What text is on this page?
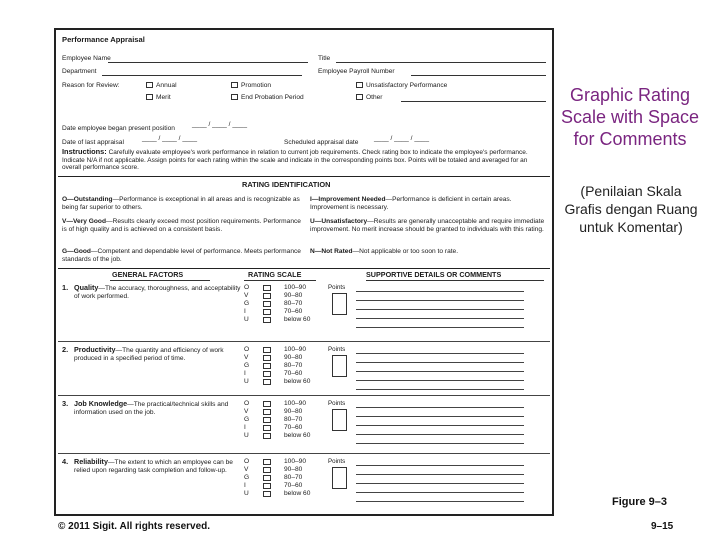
Performance Appraisal
Employee Name	Title
Department	Employee Payroll Number
Reason for Review:	Annual	Promotion	Unsatisfactory Performance
Merit	End Probation Period	Other
Date employee began present position
____ / ____ / ____
Date of last appraisal
____ / ____ / ____
Scheduled appraisal date
____ / ____ / ____
Instructions: Carefully evaluate employee's work performance in relation to current job requirements. Check rating box to indicate the employee's performance. Indicate N/A if not applicable. Assign points for each rating within the scale and indicate in the corresponding points box. Points will be totaled and averaged for an overall performance score.
RATING IDENTIFICATION
O—Outstanding—Performance is exceptional in all areas and is recognizable as being far superior to others.
V—Very Good—Results clearly exceed most position requirements. Performance is of high quality and is achieved on a consistent basis.
G—Good—Competent and dependable level of performance. Meets performance standards of the job.
I—Improvement Needed—Performance is deficient in certain areas. Improvement is necessary.
U—Unsatisfactory—Results are generally unacceptable and require immediate improvement. No merit increase should be granted to individuals with this rating.
N—Not Rated—Not applicable or too soon to rate.
GENERAL FACTORS	RATING SCALE	SUPPORTIVE DETAILS OR COMMENTS
1. Quality—The accuracy, thoroughness, and acceptability of work performed.
O	100–90
V	90–80
G	80–70
I	70–60
U	below 60
Points
2. Productivity—The quantity and efficiency of work produced in a specified period of time.
O	100–90
V	90–80
G	80–70
I	70–60
U	below 60
Points
3. Job Knowledge—The practical/technical skills and information used on the job.
O	100–90
V	90–80
G	80–70
I	70–60
U	below 60
Points
4. Reliability—The extent to which an employee can be relied upon regarding task completion and follow-up.
O	100–90
V	90–80
G	80–70
I	70–60
U	below 60
Points
Graphic Rating Scale with Space for Comments
(Penilaian Skala Grafis dengan Ruang untuk Komentar)
Figure 9–3
© 2011 Sigit. All rights reserved.	9–15
